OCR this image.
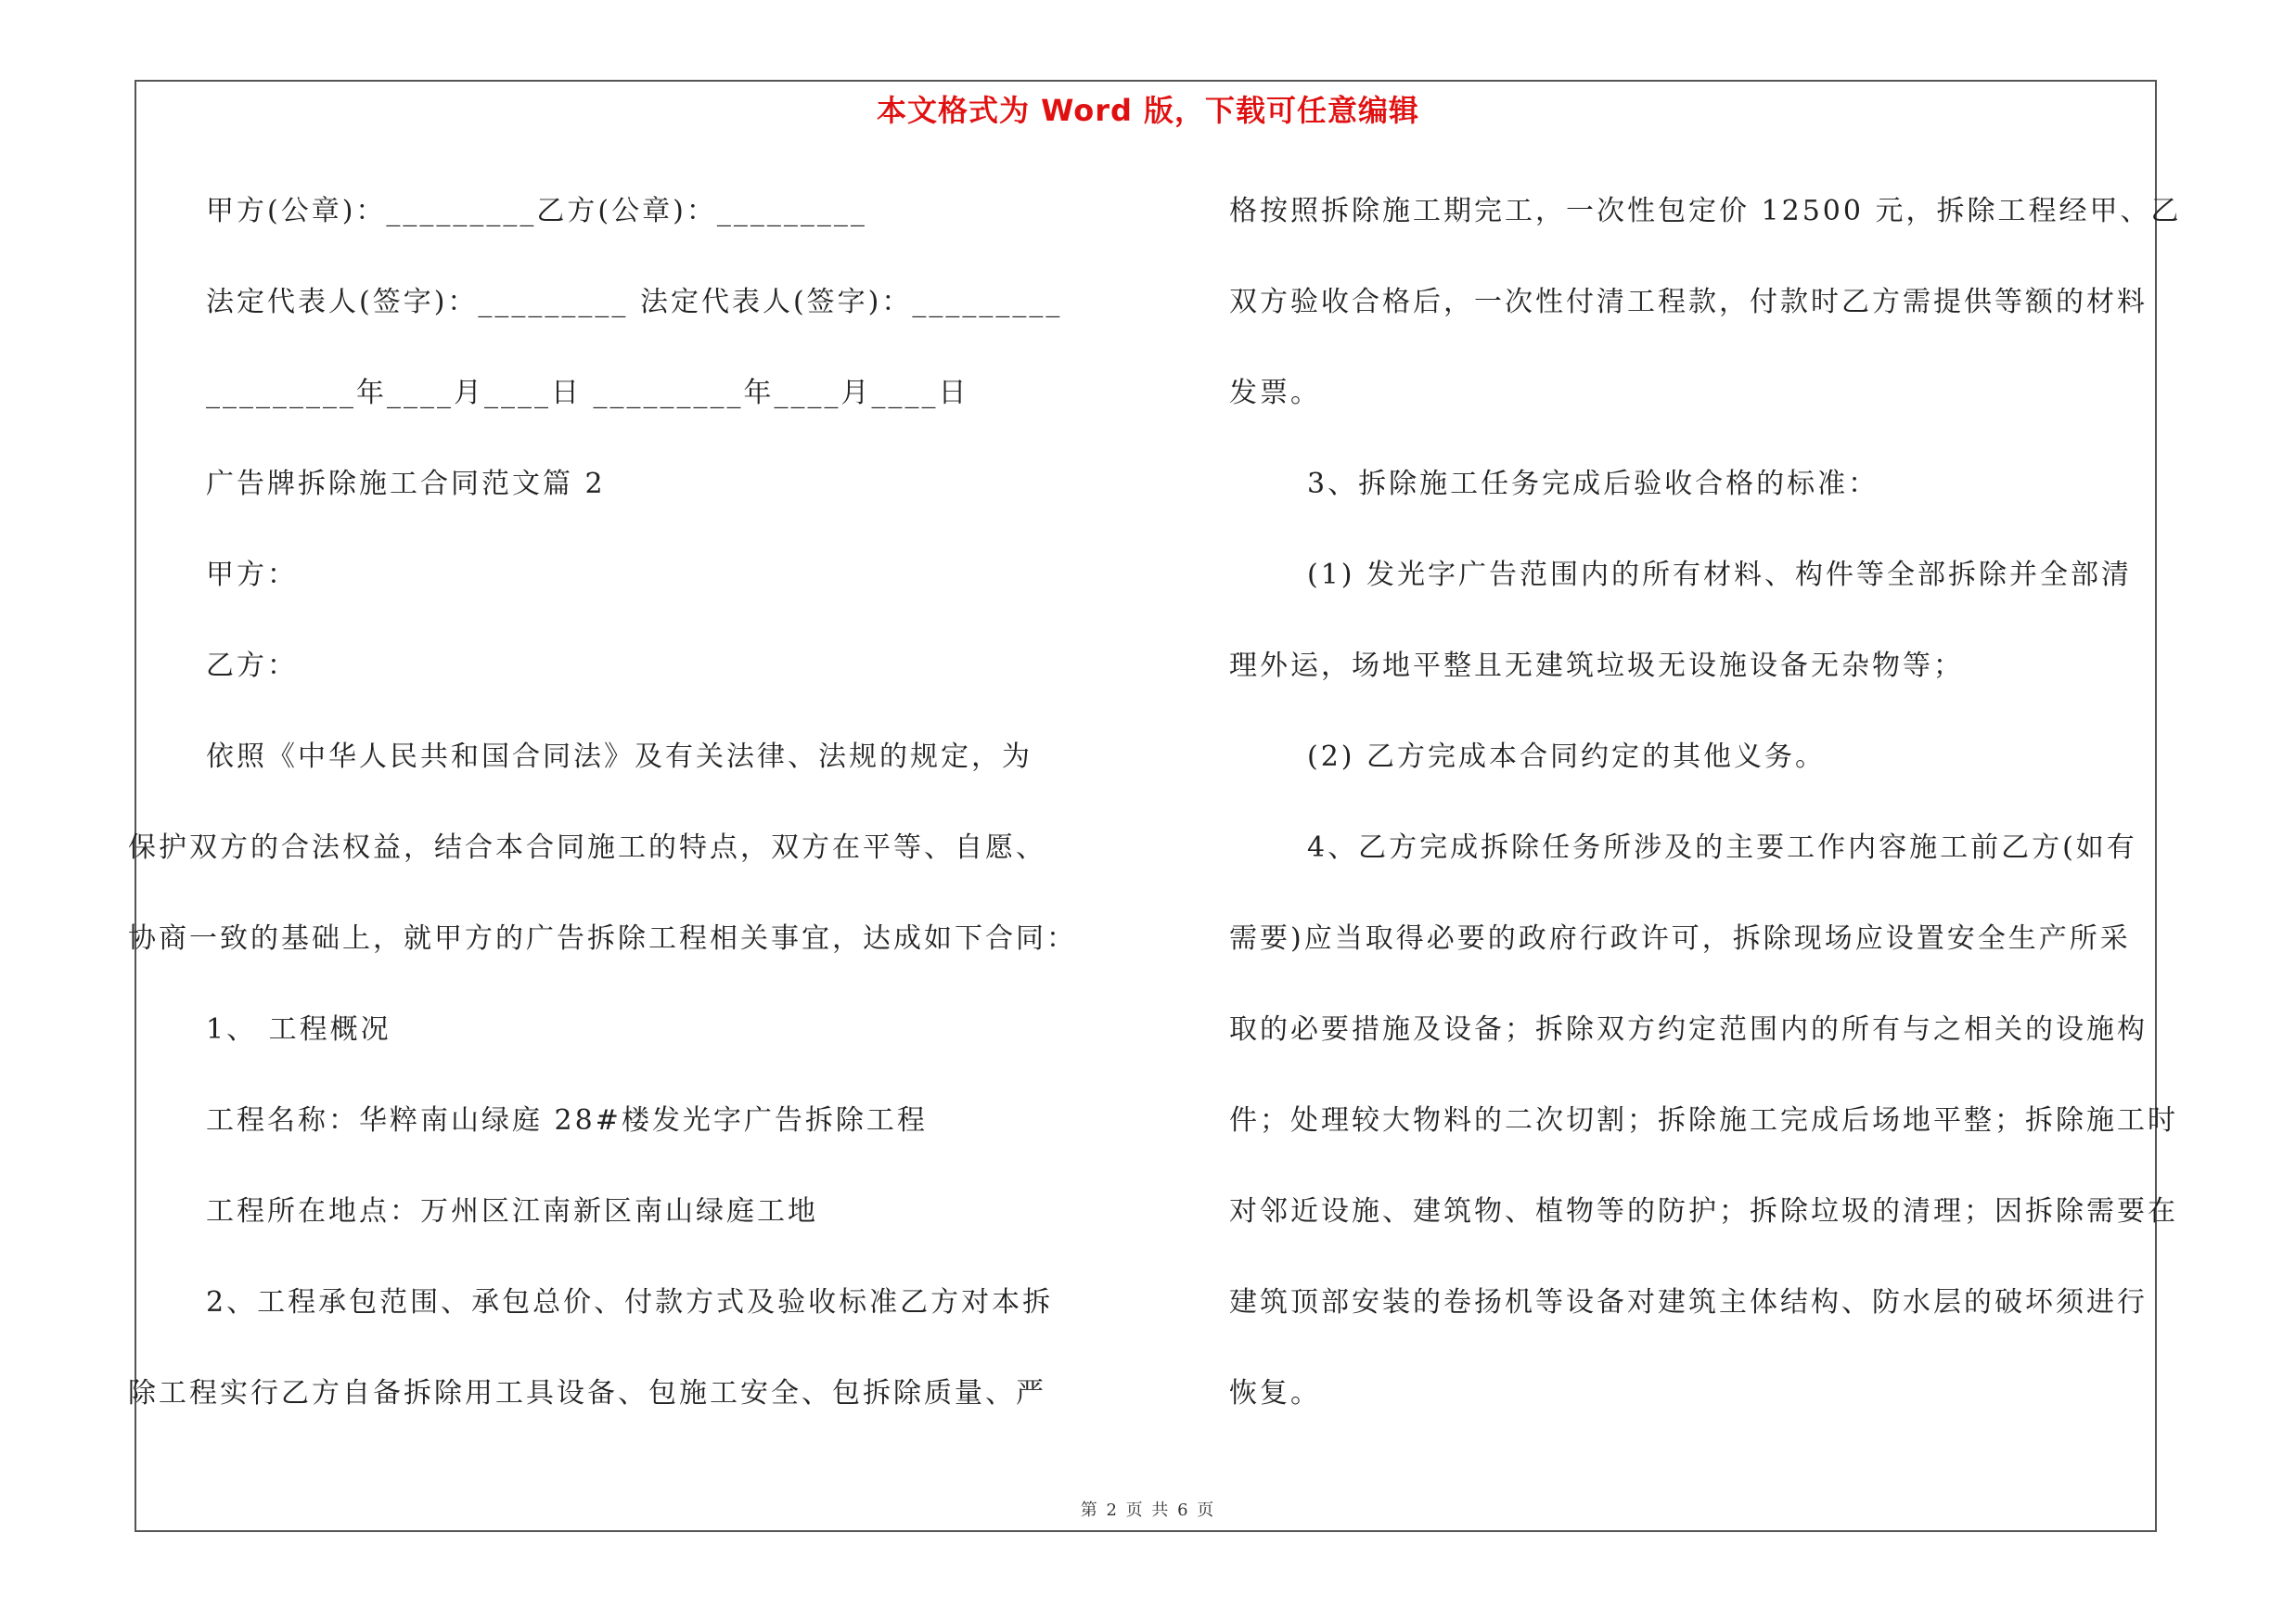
本文格式为 Word 版，下载可任意编辑
甲方(公章)：_________乙方(公章)：_________
法定代表人(签字)：_________ 法定代表人(签字)：_________
_________年____月____日 _________年____月____日
广告牌拆除施工合同范文篇 2
甲方：
乙方：
依照《中华人民共和国合同法》及有关法律、法规的规定，为
保护双方的合法权益，结合本合同施工的特点，双方在平等、自愿、
协商一致的基础上，就甲方的广告拆除工程相关事宜，达成如下合同：
1、 工程概况
工程名称：华粹南山绿庭 28#楼发光字广告拆除工程
工程所在地点：万州区江南新区南山绿庭工地
2、工程承包范围、承包总价、付款方式及验收标准乙方对本拆
除工程实行乙方自备拆除用工具设备、包施工安全、包拆除质量、严
格按照拆除施工期完工，一次性包定价 12500 元，拆除工程经甲、乙
双方验收合格后，一次性付清工程款，付款时乙方需提供等额的材料
发票。
3、拆除施工任务完成后验收合格的标准：
(1) 发光字广告范围内的所有材料、构件等全部拆除并全部清
理外运，场地平整且无建筑垃圾无设施设备无杂物等；
(2) 乙方完成本合同约定的其他义务。
4、乙方完成拆除任务所涉及的主要工作内容施工前乙方(如有
需要)应当取得必要的政府行政许可，拆除现场应设置安全生产所采
取的必要措施及设备；拆除双方约定范围内的所有与之相关的设施构
件；处理较大物料的二次切割；拆除施工完成后场地平整；拆除施工时
对邻近设施、建筑物、植物等的防护；拆除垃圾的清理；因拆除需要在
建筑顶部安装的卷扬机等设备对建筑主体结构、防水层的破坏须进行
恢复。
第 2 页 共 6 页
